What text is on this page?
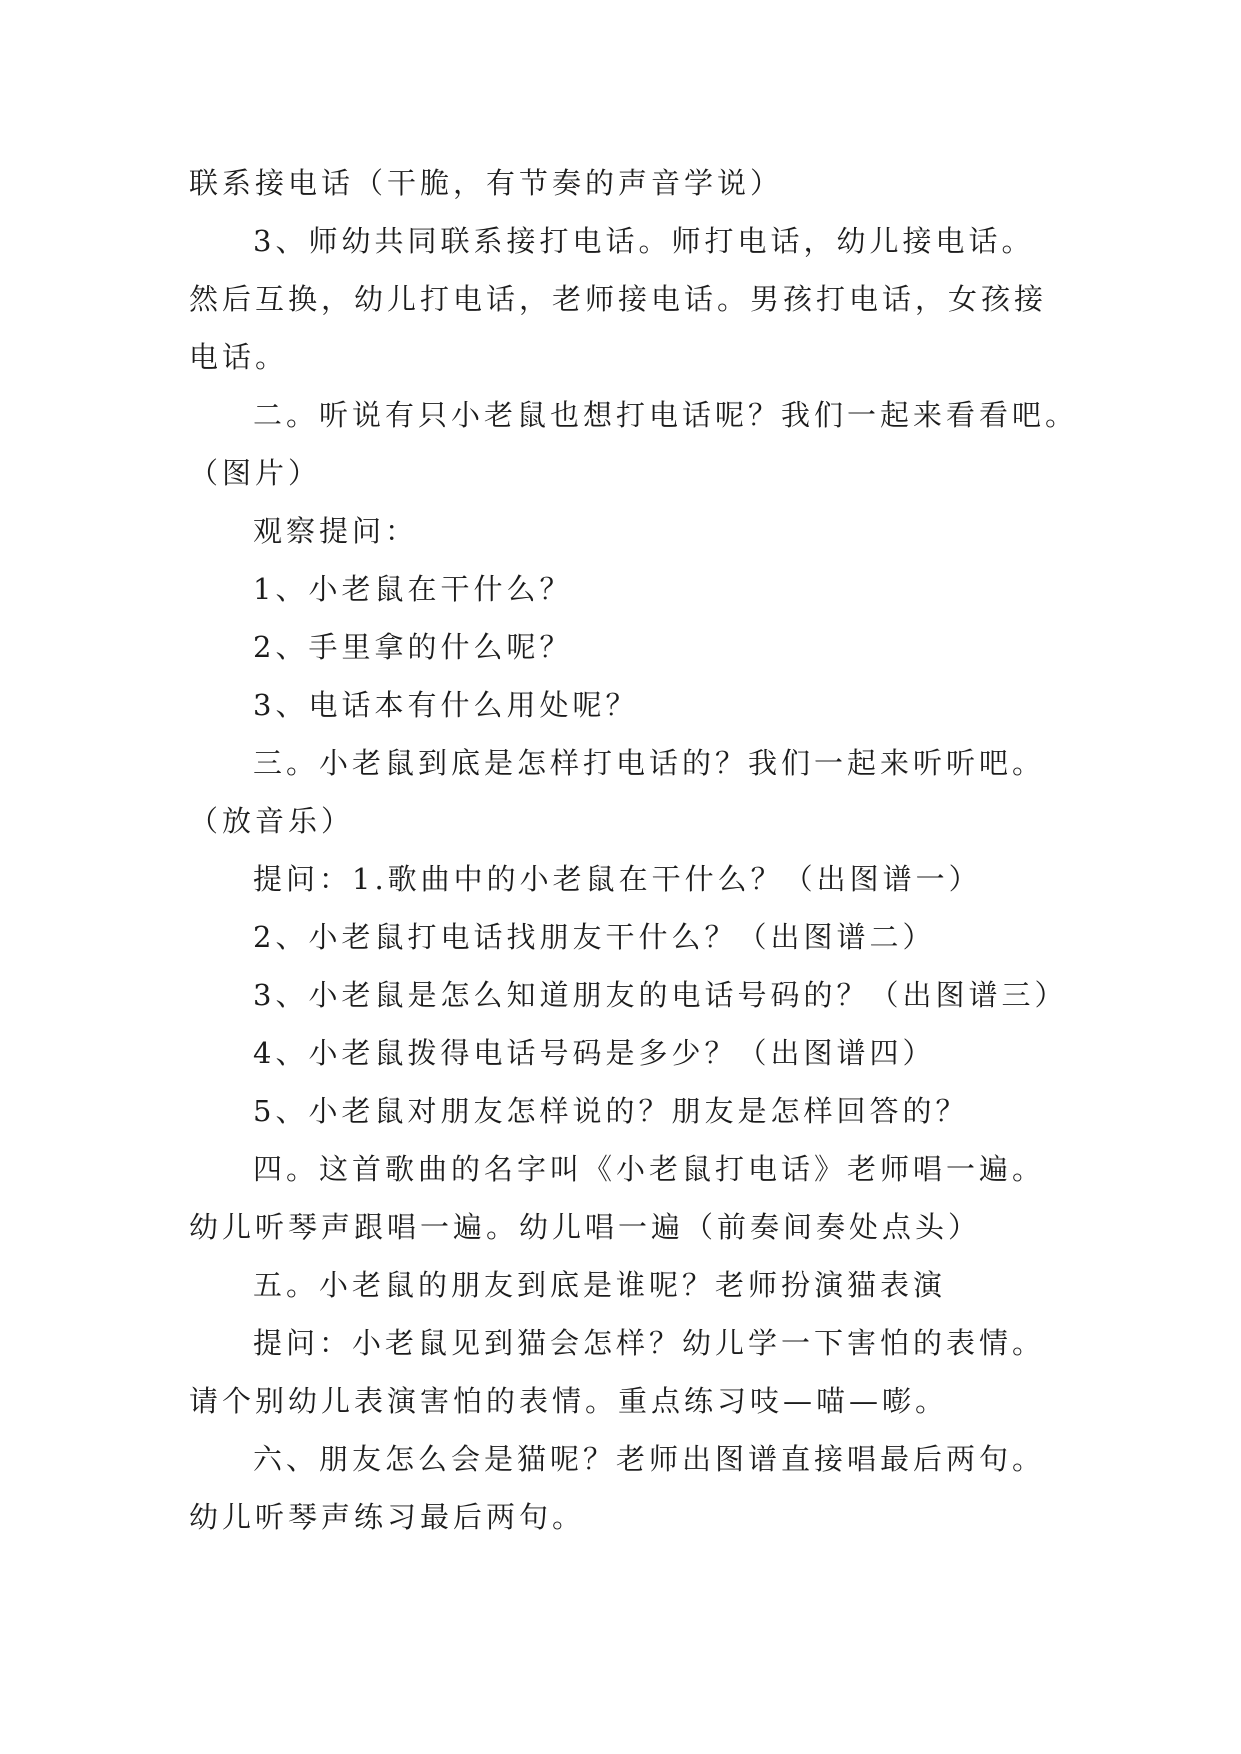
联系接电话（干脆，有节奏的声音学说）
3、师幼共同联系接打电话。师打电话，幼儿接电话。
然后互换，幼儿打电话，老师接电话。男孩打电话，女孩接
电话。
二。听说有只小老鼠也想打电话呢？我们一起来看看吧。
（图片）
观察提问：
1、小老鼠在干什么？
2、手里拿的什么呢？
3、电话本有什么用处呢？
三。小老鼠到底是怎样打电话的？我们一起来听听吧。
（放音乐）
提问：1.歌曲中的小老鼠在干什么？（出图谱一）
2、小老鼠打电话找朋友干什么？（出图谱二）
3、小老鼠是怎么知道朋友的电话号码的？（出图谱三）
4、小老鼠拨得电话号码是多少？（出图谱四）
5、小老鼠对朋友怎样说的？朋友是怎样回答的？
四。这首歌曲的名字叫《小老鼠打电话》老师唱一遍。
幼儿听琴声跟唱一遍。幼儿唱一遍（前奏间奏处点头）
五。小老鼠的朋友到底是谁呢？老师扮演猫表演
提问：小老鼠见到猫会怎样？幼儿学一下害怕的表情。
请个别幼儿表演害怕的表情。重点练习吱—喵—嘭。
六、朋友怎么会是猫呢？老师出图谱直接唱最后两句。
幼儿听琴声练习最后两句。
